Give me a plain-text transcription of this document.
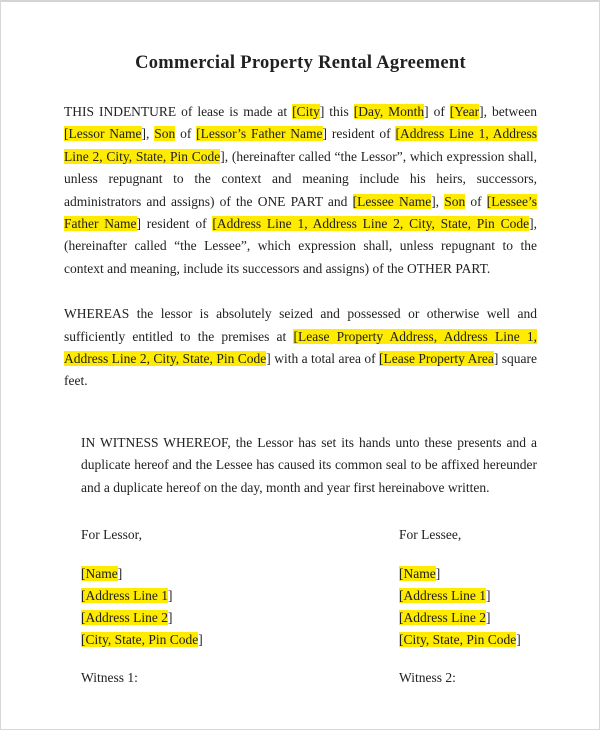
Commercial Property Rental Agreement

THIS INDENTURE of lease is made at [City] this [Day, Month] of [Year], between [Lessor Name], Son of [Lessor’s Father Name] resident of [Address Line 1, Address Line 2, City, State, Pin Code], (hereinafter called “the Lessor”, which expression shall, unless repugnant to the context and meaning include his heirs, successors, administrators and assigns) of the ONE PART and [Lessee Name], Son of [Lessee’s Father Name] resident of [Address Line 1, Address Line 2, City, State, Pin Code], (hereinafter called “the Lessee”, which expression shall, unless repugnant to the context and meaning, include its successors and assigns) of the OTHER PART.

WHEREAS the lessor is absolutely seized and possessed or otherwise well and sufficiently entitled to the premises at [Lease Property Address, Address Line 1, Address Line 2, City, State, Pin Code] with a total area of [Lease Property Area] square feet.

IN WITNESS WHEREOF, the Lessor has set its hands unto these presents and a duplicate hereof and the Lessee has caused its common seal to be affixed hereunder and a duplicate hereof on the day, month and year first hereinabove written.

For Lessor,
[Name]
[Address Line 1]
[Address Line 2]
[City, State, Pin Code]
Witness 1:
For Lessee,
[Name]
[Address Line 1]
[Address Line 2]
[City, State, Pin Code]
Witness 2:
